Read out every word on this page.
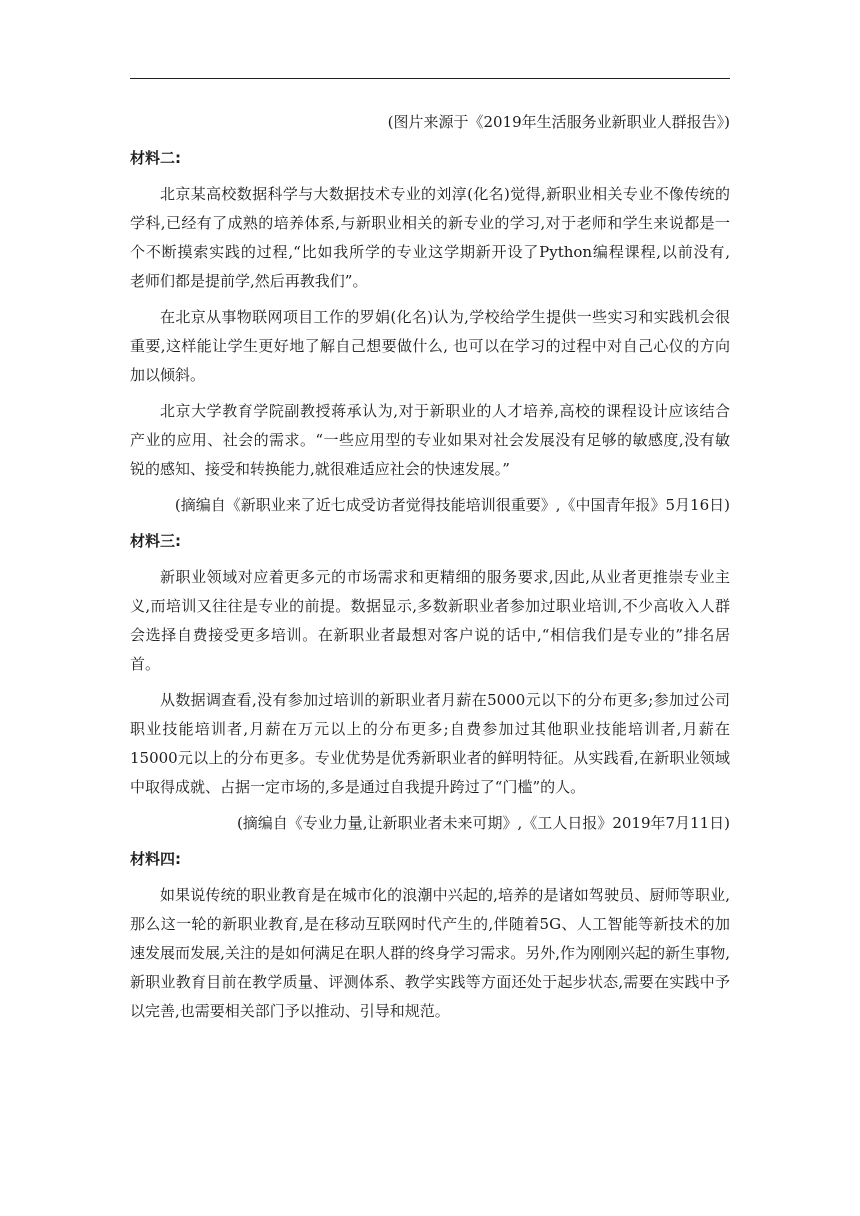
(图片来源于《2019年生活服务业新职业人群报告》)
材料二:
北京某高校数据科学与大数据技术专业的刘淳(化名)觉得,新职业相关专业不像传统的
学科,已经有了成熟的培养体系,与新职业相关的新专业的学习,对于老师和学生来说都是一
个不断摸索实践的过程,“比如我所学的专业这学期新开设了Python编程课程,以前没有,
老师们都是提前学,然后再教我们”。
在北京从事物联网项目工作的罗娟(化名)认为,学校给学生提供一些实习和实践机会很
重要,这样能让学生更好地了解自己想要做什么, 也可以在学习的过程中对自己心仪的方向
加以倾斜。
北京大学教育学院副教授蒋承认为,对于新职业的人才培养,高校的课程设计应该结合
产业的应用、社会的需求。“一些应用型的专业如果对社会发展没有足够的敏感度,没有敏
锐的感知、接受和转换能力,就很难适应社会的快速发展。”
(摘编自《新职业来了近七成受访者觉得技能培训很重要》,《中国青年报》5月16日)
材料三:
新职业领域对应着更多元的市场需求和更精细的服务要求,因此,从业者更推崇专业主
义,而培训又往往是专业的前提。数据显示,多数新职业者参加过职业培训,不少高收入人群
会选择自费接受更多培训。在新职业者最想对客户说的话中,“相信我们是专业的”排名居
首。
从数据调查看,没有参加过培训的新职业者月薪在5000元以下的分布更多;参加过公司
职业技能培训者,月薪在万元以上的分布更多;自费参加过其他职业技能培训者,月薪在
15000元以上的分布更多。专业优势是优秀新职业者的鲜明特征。从实践看,在新职业领域
中取得成就、占据一定市场的,多是通过自我提升跨过了“门槛”的人。
(摘编自《专业力量,让新职业者未来可期》,《工人日报》2019年7月11日)
材料四:
如果说传统的职业教育是在城市化的浪潮中兴起的,培养的是诸如驾驶员、厨师等职业,
那么这一轮的新职业教育,是在移动互联网时代产生的,伴随着5G、人工智能等新技术的加
速发展而发展,关注的是如何满足在职人群的终身学习需求。另外,作为刚刚兴起的新生事物,
新职业教育目前在教学质量、评测体系、教学实践等方面还处于起步状态,需要在实践中予
以完善,也需要相关部门予以推动、引导和规范。
